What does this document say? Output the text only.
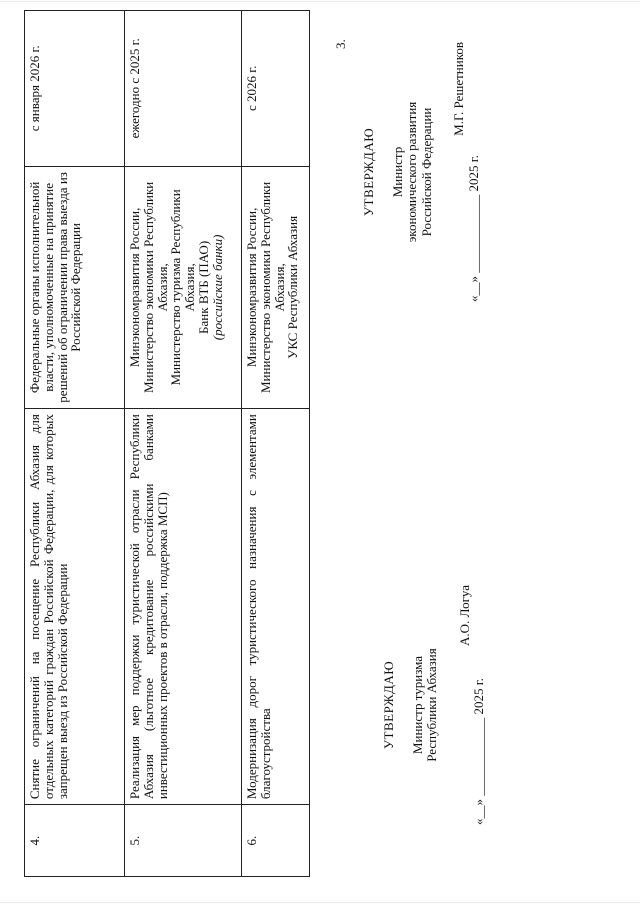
3.
4.	Снятие ограничений на посещение Республики Абхазия для отдельных категорий граждан Российской Федерации, для которых запрещен выезд из Российской Федерации	Федеральные органы исполнительной власти, уполномоченные на принятие решений об ограничении права выезда из Российской Федерации	с января 2026 г.
5.	Реализация мер поддержки туристической отрасли Республики Абхазия (льготное кредитование российскими банками инвестиционных проектов в отрасли, поддержка МСП)	Минэкономразвития России,
Министерство экономики Республики Абхазия,
Министерство туризма Республики Абхазия,
Банк ВТБ (ПАО)
(российские банки)	ежегодно с 2025 г.
6.	Модернизация дорог туристического назначения с элементами благоустройства	Минэкономразвития России,
Министерство экономики Республики Абхазия,
УКС Республики Абхазия	с 2026 г.
УТВЕРЖДАЮ Министр туризма Республики Абхазия
А.О. Логуа
«__» ____________ 2025 г.
УТВЕРЖДАЮ Министр экономического развития Российской Федерации
М.Г. Решетников
«__» ____________ 2025 г.
